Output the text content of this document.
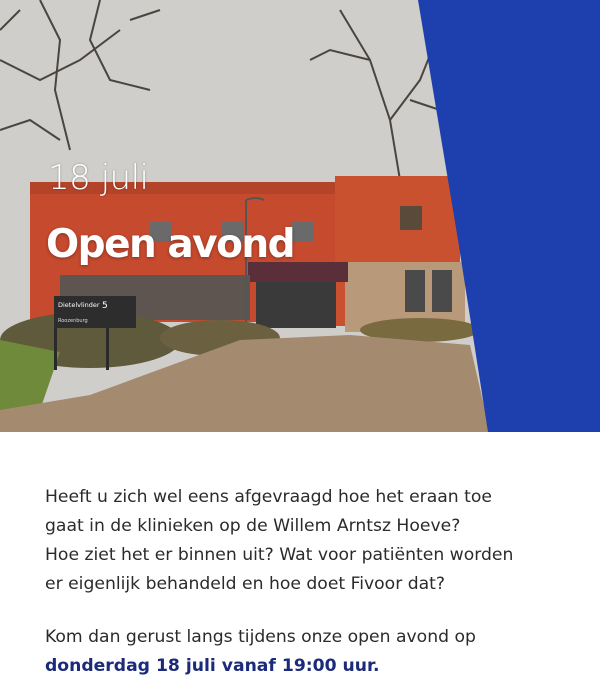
Dietelvlinder 5
Roozenburg
18 juli
Open avond

Heeft u zich wel eens afgevraagd hoe het eraan toe
gaat in de klinieken op de Willem Arntsz Hoeve?
Hoe ziet het er binnen uit? Wat voor patiënten worden
er eigenlijk behandeld en hoe doet Fivoor dat?

Kom dan gerust langs tijdens onze open avond op
donderdag 18 juli vanaf 19:00 uur.
